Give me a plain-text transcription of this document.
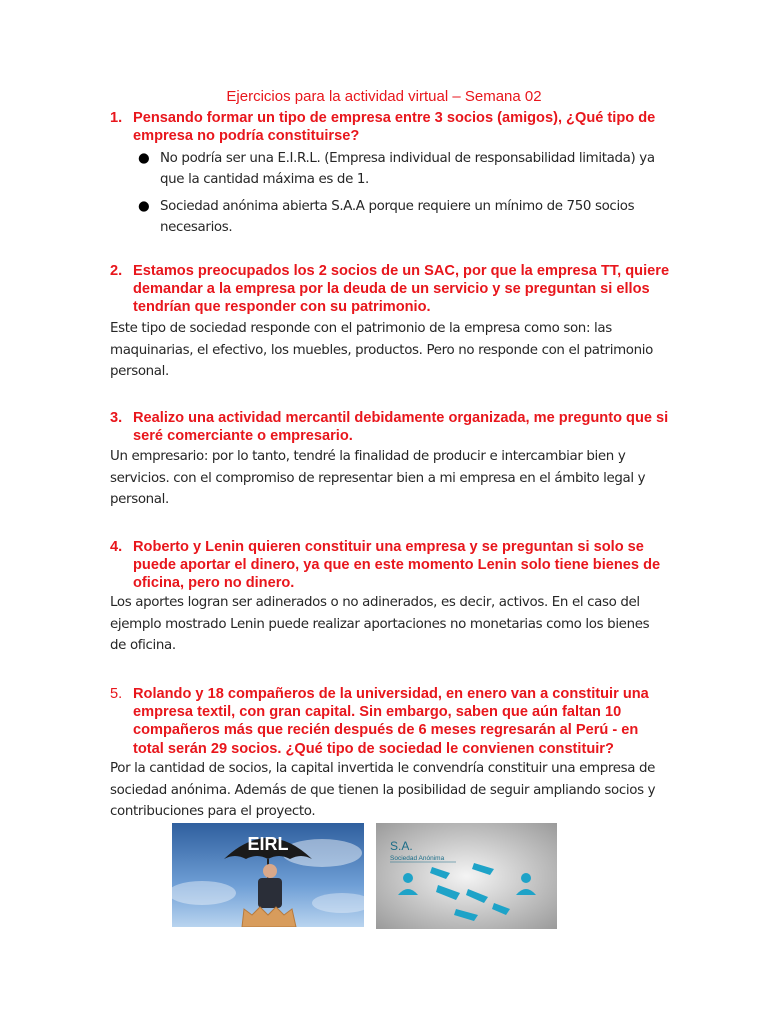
Ejercicios para la actividad virtual – Semana 02
1. Pensando formar un tipo de empresa entre 3 socios (amigos), ¿Qué tipo de empresa no podría constituirse?
● No podría ser una E.I.R.L. (Empresa individual de responsabilidad limitada) ya que la cantidad máxima es de 1.
● Sociedad anónima abierta S.A.A porque requiere un mínimo de 750 socios necesarios.
2. Estamos preocupados los 2 socios de un SAC, por que la empresa TT, quiere demandar a la empresa por la deuda de un servicio y se preguntan si ellos tendrían que responder con su patrimonio.
Este tipo de sociedad responde con el patrimonio de la empresa como son: las maquinarias, el efectivo, los muebles, productos. Pero no responde con el patrimonio personal.
3. Realizo una actividad mercantil debidamente organizada, me pregunto que si seré comerciante o empresario.
Un empresario: por lo tanto, tendré la finalidad de producir e intercambiar bien y servicios. con el compromiso de representar bien a mi empresa en el ámbito legal y personal.
4. Roberto y Lenin quieren constituir una empresa y se preguntan si solo se puede aportar el dinero, ya que en este momento Lenin solo tiene bienes de oficina, pero no dinero.
Los aportes logran ser adinerados o no adinerados, es decir, activos. En el caso del ejemplo mostrado Lenin puede realizar aportaciones no monetarias como los bienes de oficina.
5. Rolando y 18 compañeros de la universidad, en enero van a constituir una empresa textil, con gran capital. Sin embargo, saben que aún faltan 10 compañeros más que recién después de 6 meses regresarán al Perú - en total serán 29 socios. ¿Qué tipo de sociedad le convienen constituir?
Por la cantidad de socios, la capital invertida le convendría constituir una empresa de sociedad anónima. Además de que tienen la posibilidad de seguir ampliando socios y contribuciones para el proyecto.
EIRL	S.A.
Sociedad Anónima
